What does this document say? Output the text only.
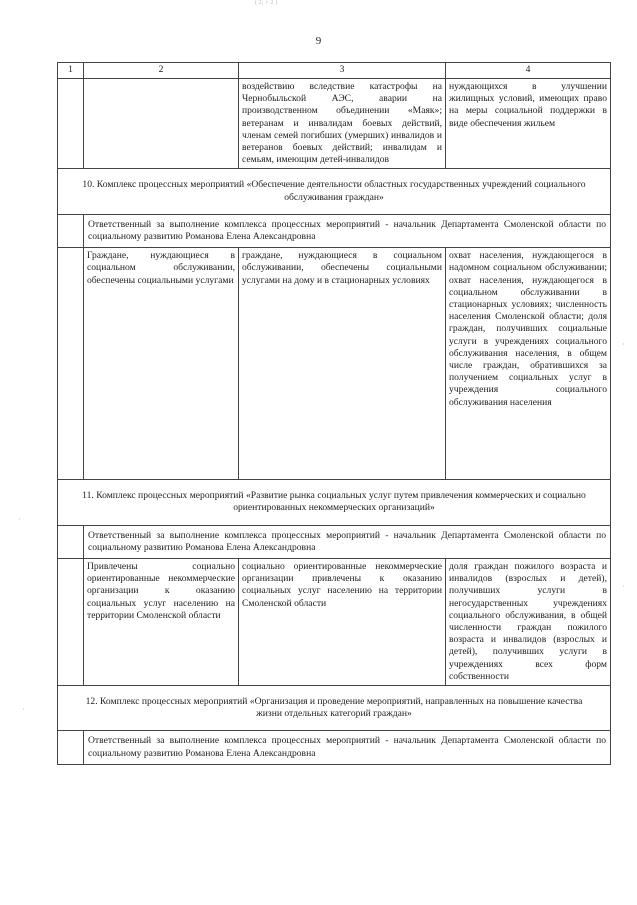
( 2; ♀ 2 )
9
1	2	3	4
		воздействию вследствие катастрофы на Чернобыльской АЭС, аварии на производственном объединении «Маяк»; ветеранам и инвалидам боевых действий, членам семей погибших (умерших) инвалидов и ветеранов боевых действий; инвалидам и семьям, имеющим детей-инвалидов	нуждающихся в улучшении жилищных условий, имеющих право на меры социальной поддержки в виде обеспечения жильем
10. Комплекс процессных мероприятий «Обеспечение деятельности областных государственных учреждений социального обслуживания граждан»			
	Ответственный за выполнение комплекса процессных мероприятий - начальник Департамента Смоленской области по социальному развитию Романова Елена Александровна		
	Граждане, нуждающиеся в социальном обслуживании, обеспечены социальными услугами	граждане, нуждающиеся в социальном обслуживании, обеспечены социальными услугами на дому и в стационарных условиях	охват населения, нуждающегося в надомном социальном обслуживании; охват населения, нуждающегося в социальном обслуживании в стационарных условиях; численность населения Смоленской области; доля граждан, получивших социальные услуги в учреждениях социального обслуживания населения, в общем числе граждан, обратившихся за получением социальных услуг в учреждения социального обслуживания населения
11. Комплекс процессных мероприятий «Развитие рынка социальных услуг путем привлечения коммерческих и социально ориентированных некоммерческих организаций»			
	Ответственный за выполнение комплекса процессных мероприятий - начальник Департамента Смоленской области по социальному развитию Романова Елена Александровна		
	Привлечены социально ориентированные некоммерческие организации к оказанию социальных услуг населению на территории Смоленской области	социально ориентированные некоммерческие организации привлечены к оказанию социальных услуг населению на территории Смоленской области	доля граждан пожилого возраста и инвалидов (взрослых и детей), получивших услуги в негосударственных учреждениях социального обслуживания, в общей численности граждан пожилого возраста и инвалидов (взрослых и детей), получивших услуги в учреждениях всех форм собственности
12. Комплекс процессных мероприятий «Организация и проведение мероприятий, направленных на повышение качества жизни отдельных категорий граждан»			
	Ответственный за выполнение комплекса процессных мероприятий - начальник Департамента Смоленской области по социальному развитию Романова Елена Александровна		
·
·
·
·
